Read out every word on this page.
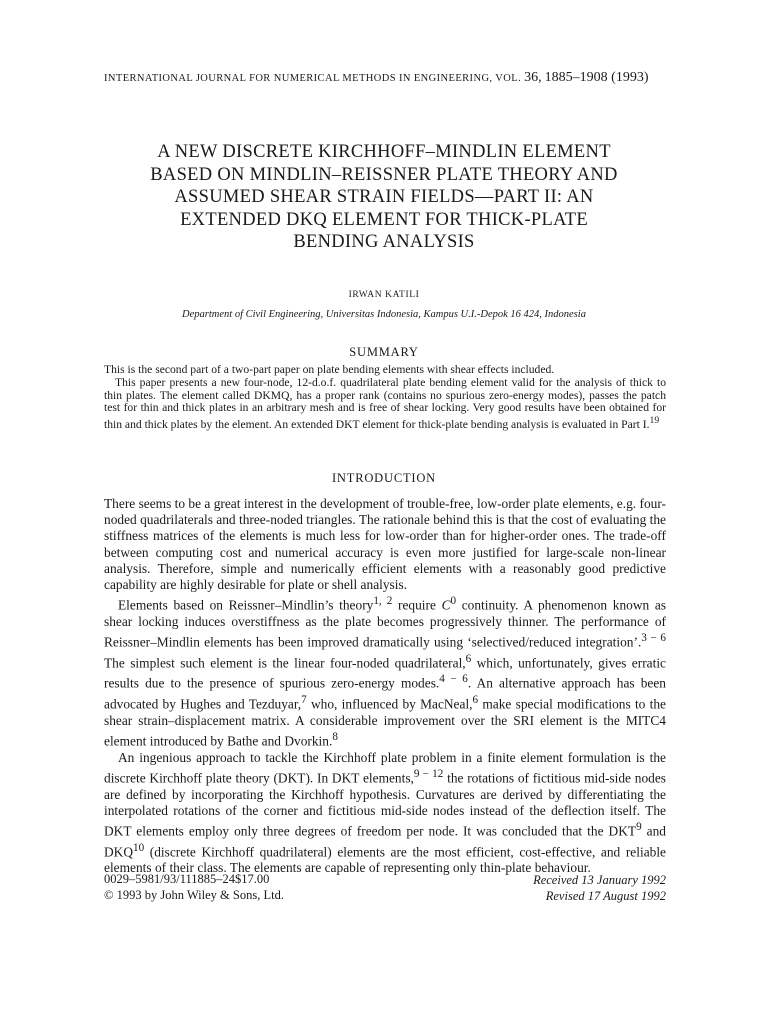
INTERNATIONAL JOURNAL FOR NUMERICAL METHODS IN ENGINEERING, VOL. 36, 1885–1908 (1993)
A NEW DISCRETE KIRCHHOFF–MINDLIN ELEMENT
BASED ON MINDLIN–REISSNER PLATE THEORY AND
ASSUMED SHEAR STRAIN FIELDS—PART II: AN
EXTENDED DKQ ELEMENT FOR THICK-PLATE
BENDING ANALYSIS
IRWAN KATILI
Department of Civil Engineering, Universitas Indonesia, Kampus U.I.-Depok 16 424, Indonesia
SUMMARY

This is the second part of a two-part paper on plate bending elements with shear effects included.

This paper presents a new four-node, 12-d.o.f. quadrilateral plate bending element valid for the analysis of thick to thin plates. The element called DKMQ, has a proper rank (contains no spurious zero-energy modes), passes the patch test for thin and thick plates in an arbitrary mesh and is free of shear locking. Very good results have been obtained for thin and thick plates by the element. An extended DKT element for thick-plate bending analysis is evaluated in Part I.$^{19}$

INTRODUCTION

There seems to be a great interest in the development of trouble-free, low-order plate elements, e.g. four-noded quadrilaterals and three-noded triangles. The rationale behind this is that the cost of evaluating the stiffness matrices of the elements is much less for low-order than for higher-order ones. The trade-off between computing cost and numerical accuracy is even more justified for large-scale non-linear analysis. Therefore, simple and numerically efficient elements with a reasonably good predictive capability are highly desirable for plate or shell analysis.

Elements based on Reissner–Mindlin’s theory$^{1, 2}$ require $C^0$ continuity. A phenomenon known as shear locking induces overstiffness as the plate becomes progressively thinner. The performance of Reissner–Mindlin elements has been improved dramatically using ‘selectived/reduced integration’.$^{3 - 6}$ The simplest such element is the linear four-noded quadrilateral,$^6$ which, unfortunately, gives erratic results due to the presence of spurious zero-energy modes.$^{4 - 6}$. An alternative approach has been advocated by Hughes and Tezduyar,$^7$ who, influenced by MacNeal,$^6$ make special modifications to the shear strain–displacement matrix. A considerable improvement over the SRI element is the MITC4 element introduced by Bathe and Dvorkin.$^8$

An ingenious approach to tackle the Kirchhoff plate problem in a finite element formulation is the discrete Kirchhoff plate theory (DKT). In DKT elements,$^{9 - 12}$ the rotations of fictitious mid-side nodes are defined by incorporating the Kirchhoff hypothesis. Curvatures are derived by differentiating the interpolated rotations of the corner and fictitious mid-side nodes instead of the deflection itself. The DKT elements employ only three degrees of freedom per node. It was concluded that the DKT$^9$ and DKQ$^{10}$ (discrete Kirchhoff quadrilateral) elements are the most efficient, cost-effective, and reliable elements of their class. The elements are capable of representing only thin-plate behaviour.

0029–5981/93/111885–24$17.00
© 1993 by John Wiley & Sons, Ltd.
Received 13 January 1992
Revised 17 August 1992
